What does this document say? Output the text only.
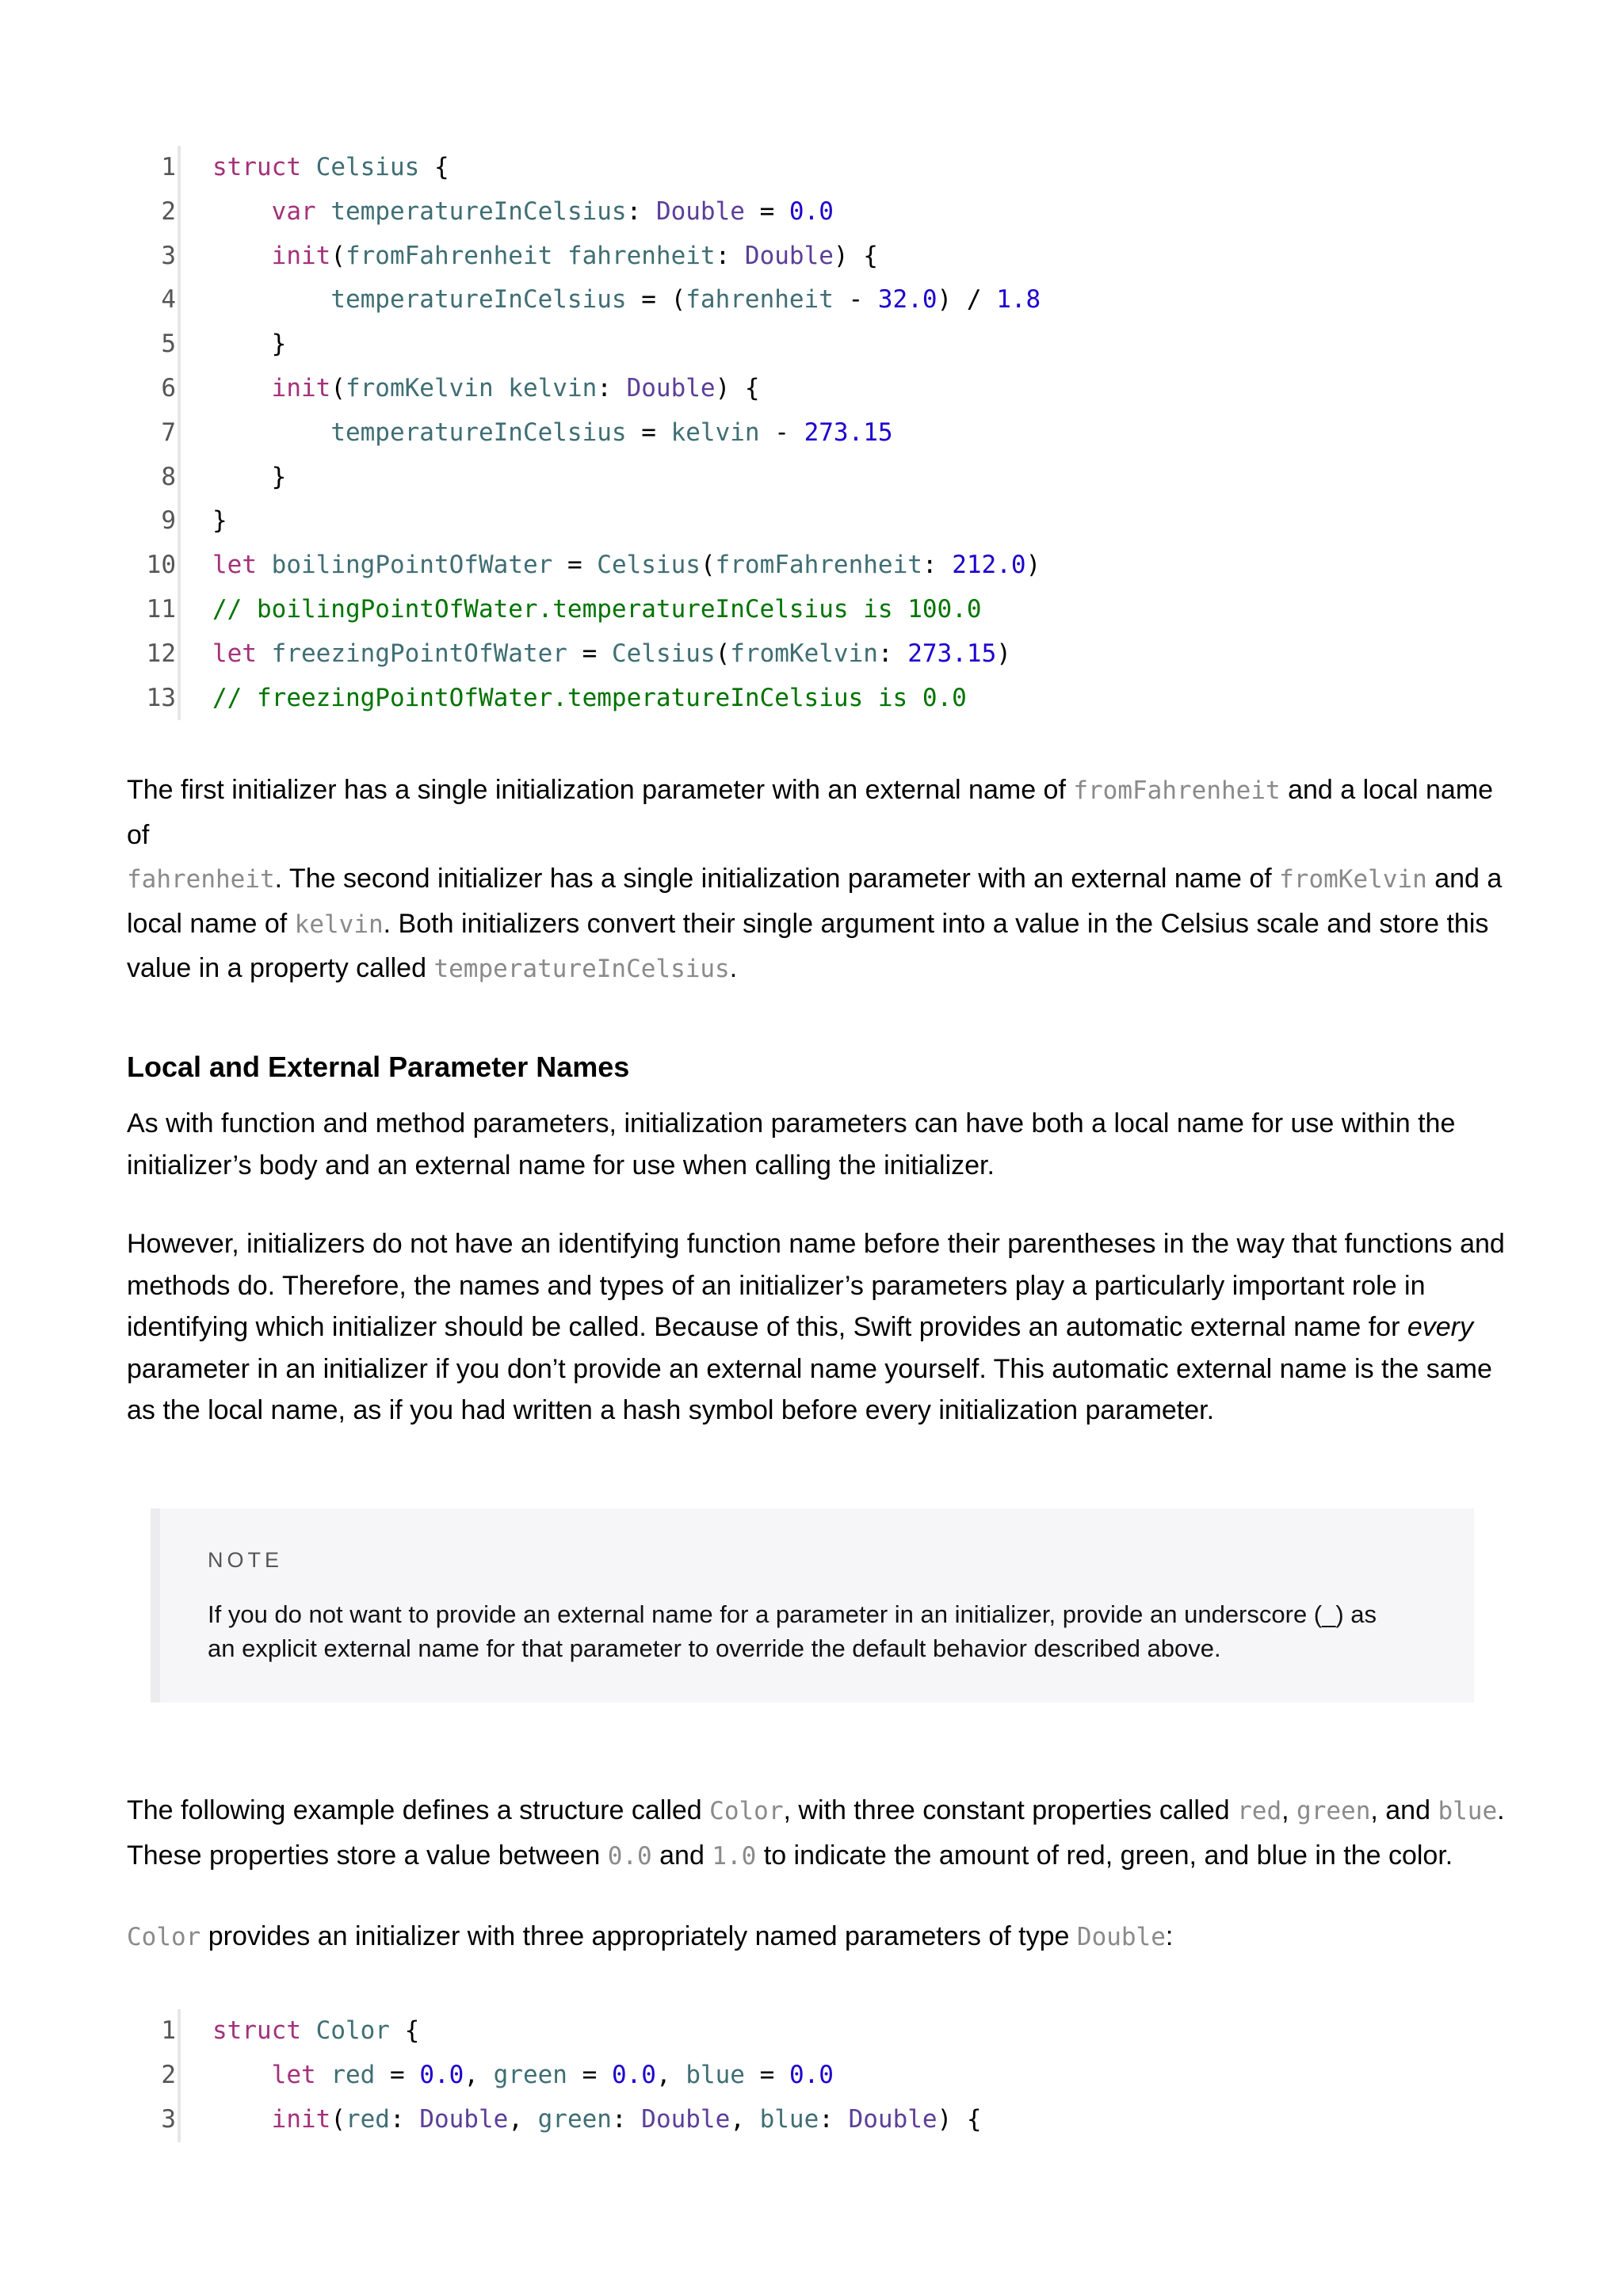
1 struct Celsius {
2	var temperatureInCelsius: Double = 0.0
3	init(fromFahrenheit fahrenheit: Double) {
4	temperatureInCelsius = (fahrenheit - 32.0) / 1.8
5 }
6	init(fromKelvin kelvin: Double) {
7	temperatureInCelsius = kelvin - 273.15
8 }
9 }
10 let boilingPointOfWater = Celsius(fromFahrenheit: 212.0)
11 // boilingPointOfWater.temperatureInCelsius is 100.0
12 let freezingPointOfWater = Celsius(fromKelvin: 273.15)
13 // freezingPointOfWater.temperatureInCelsius is 0.0
The first initializer has a single initialization parameter with an external name of fromFahrenheit and a local name of
fahrenheit. The second initializer has a single initialization parameter with an external name of fromKelvin and a
local name of kelvin. Both initializers convert their single argument into a value in the Celsius scale and store this
value in a property called temperatureInCelsius.
Local and External Parameter Names
As with function and method parameters, initialization parameters can have both a local name for use within the
initializer’s body and an external name for use when calling the initializer.
However, initializers do not have an identifying function name before their parentheses in the way that functions and
methods do. Therefore, the names and types of an initializer’s parameters play a particularly important role in
identifying which initializer should be called. Because of this, Swift provides an automatic external name for every
parameter in an initializer if you don’t provide an external name yourself. This automatic external name is the same
as the local name, as if you had written a hash symbol before every initialization parameter.
NOTE
If you do not want to provide an external name for a parameter in an initializer, provide an underscore (_) as
an explicit external name for that parameter to override the default behavior described above.
The following example defines a structure called Color, with three constant properties called red, green, and blue.
These properties store a value between 0.0 and 1.0 to indicate the amount of red, green, and blue in the color.
Color provides an initializer with three appropriately named parameters of type Double:
1 struct Color {
2	let red = 0.0, green = 0.0, blue = 0.0
3	init(red: Double, green: Double, blue: Double) {
